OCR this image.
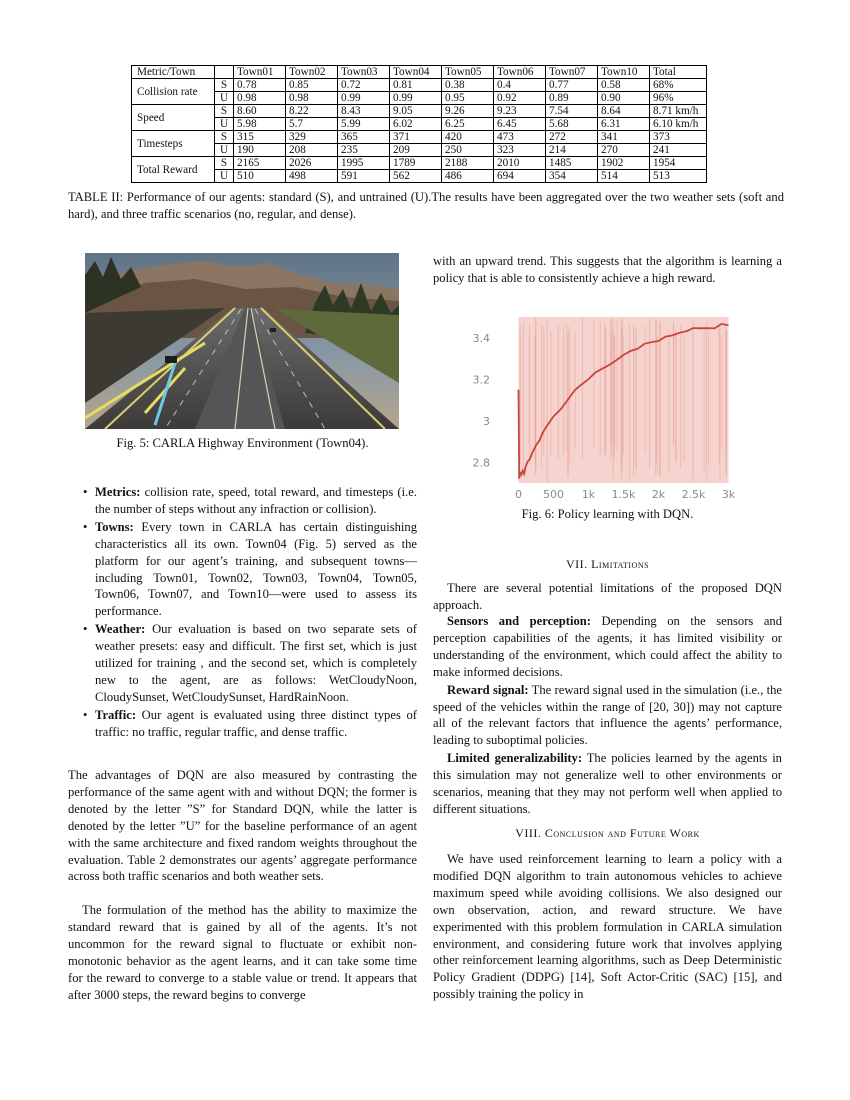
Metric/Town		Town01	Town02	Town03	Town04	Town05	Town06	Town07	Town10	Total
Collision rate	S	0.78	0.85	0.72	0.81	0.38	0.4	0.77	0.58	68%
	U	0.98	0.98	0.99	0.99	0.95	0.92	0.89	0.90	96%
Speed	S	8.60	8.22	8.43	9.05	9.26	9.23	7.54	8.64	8.71 km/h
	U	5.98	5.7	5.99	6.02	6.25	6.45	5.68	6.31	6.10 km/h
Timesteps	S	315	329	365	371	420	473	272	341	373
	U	190	208	235	209	250	323	214	270	241
Total Reward	S	2165	2026	1995	1789	2188	2010	1485	1902	1954
	U	510	498	591	562	486	694	354	514	513
TABLE II: Performance of our agents: standard (S), and untrained (U).The results have been aggregated over the two weather sets (soft and hard), and three traffic scenarios (no, regular, and dense).
Fig. 5: CARLA Highway Environment (Town04).
• Metrics: collision rate, speed, total reward, and timesteps (i.e. the number of steps without any infraction or collision).
• Towns: Every town in CARLA has certain distinguishing characteristics all its own. Town04 (Fig. 5) served as the platform for our agent’s training, and subsequent towns—including Town01, Town02, Town03, Town04, Town05, Town06, Town07, and Town10—were used to assess its performance.
• Weather: Our evaluation is based on two separate sets of weather presets: easy and difficult. The first set, which is just utilized for training , and the second set, which is completely new to the agent, are as follows: WetCloudyNoon, CloudySunset, WetCloudySunset, HardRainNoon.
• Traffic: Our agent is evaluated using three distinct types of traffic: no traffic, regular traffic, and dense traffic.

The advantages of DQN are also measured by contrasting the performance of the same agent with and without DQN; the former is denoted by the letter ”S” for Standard DQN, while the latter is denoted by the letter ”U” for the baseline performance of an agent with the same architecture and fixed random weights throughout the evaluation. Table 2 demonstrates our agents’ aggregate performance across both traffic scenarios and both weather sets.

The formulation of the method has the ability to maximize the standard reward that is gained by all of the agents. It’s not uncommon for the reward signal to fluctuate or exhibit non-monotonic behavior as the agent learns, and it can take some time for the reward to converge to a stable value or trend. It appears that after 3000 steps, the reward begins to converge

with an upward trend. This suggests that the algorithm is learning a policy that is able to consistently achieve a high reward.

2.8
3
3.2
3.4
0 500 1k 1.5k 2k 2.5k 3k
Fig. 6: Policy learning with DQN.
VII. Limitations

There are several potential limitations of the proposed DQN approach.

Sensors and perception: Depending on the sensors and perception capabilities of the agents, it has limited visibility or understanding of the environment, which could affect the ability to make informed decisions.

Reward signal: The reward signal used in the simulation (i.e., the speed of the vehicles within the range of [20, 30]) may not capture all of the relevant factors that influence the agents’ performance, leading to suboptimal policies.

Limited generalizability: The policies learned by the agents in this simulation may not generalize well to other environments or scenarios, meaning that they may not perform well when applied to different situations.

VIII. Conclusion and Future Work

We have used reinforcement learning to learn a policy with a modified DQN algorithm to train autonomous vehicles to achieve maximum speed while avoiding collisions. We also designed our own observation, action, and reward structure. We have experimented with this problem formulation in CARLA simulation environment, and considering future work that involves applying other reinforcement learning algorithms, such as Deep Deterministic Policy Gradient (DDPG) [14], Soft Actor-Critic (SAC) [15], and possibly training the policy in
